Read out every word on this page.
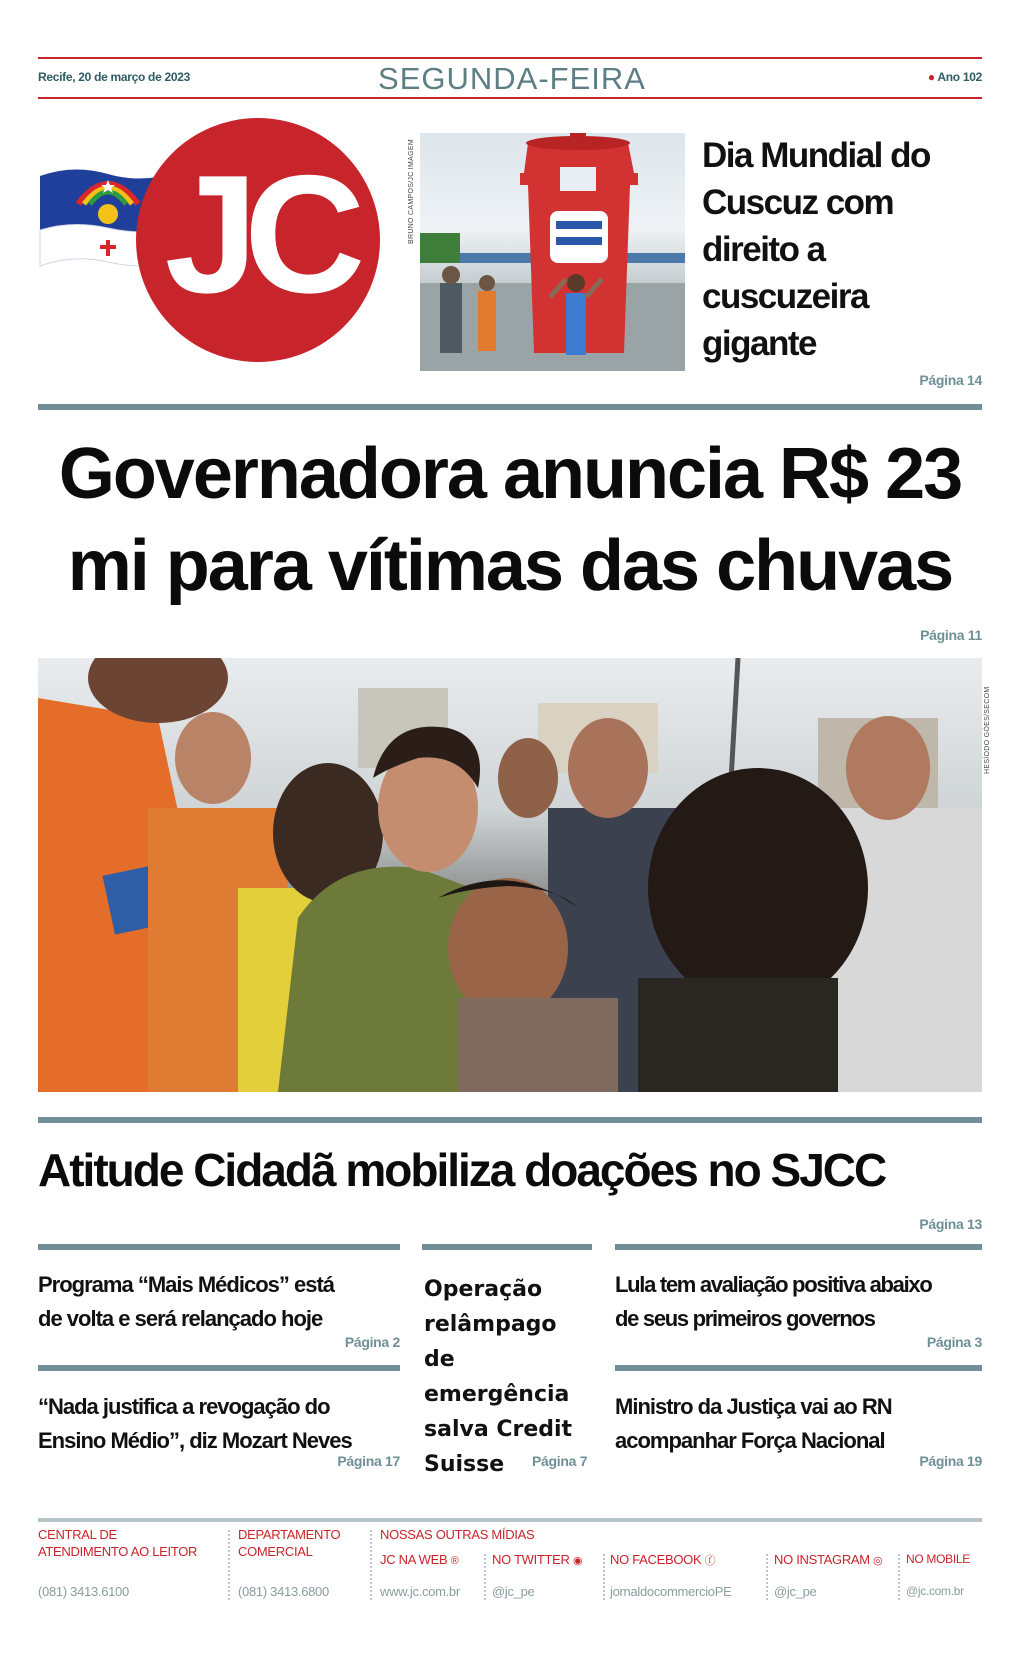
Recife, 20 de março de 2023	SEGUNDA-FEIRA	● Ano 102
JC	BRUNO CAMPOS/JC IMAGEM	Dia Mundial do Cuscuz com direito a cuscuzeira gigante
Página 14
Governadora anuncia R$ 23
mi para vítimas das chuvas
Página 11
HESÍODO GÓES/SECOM
Atitude Cidadã mobiliza doações no SJCC
Página 13
Programa “Mais Médicos” está
de volta e será relançado hoje
Página 2
“Nada justifica a revogação do
Ensino Médio”, diz Mozart Neves
Página 17
Operação
relâmpago de
emergência
salva Credit
Suisse	Página 7
Lula tem avaliação positiva abaixo
de seus primeiros governos
Página 3
Ministro da Justiça vai ao RN
acompanhar Força Nacional
Página 19
CENTRAL DE
ATENDIMENTO AO LEITOR
(081) 3413.6100
DEPARTAMENTO
COMERCIAL
(081) 3413.6800
NOSSAS OUTRAS MÍDIAS
JC NA WEB ®
www.jc.com.br
NO TWITTER ◉
@jc_pe
NO FACEBOOK ⓕ
jornaldocommercioPE
NO INSTAGRAM ◎
@jc_pe
NO MOBILE
@jc.com.br
